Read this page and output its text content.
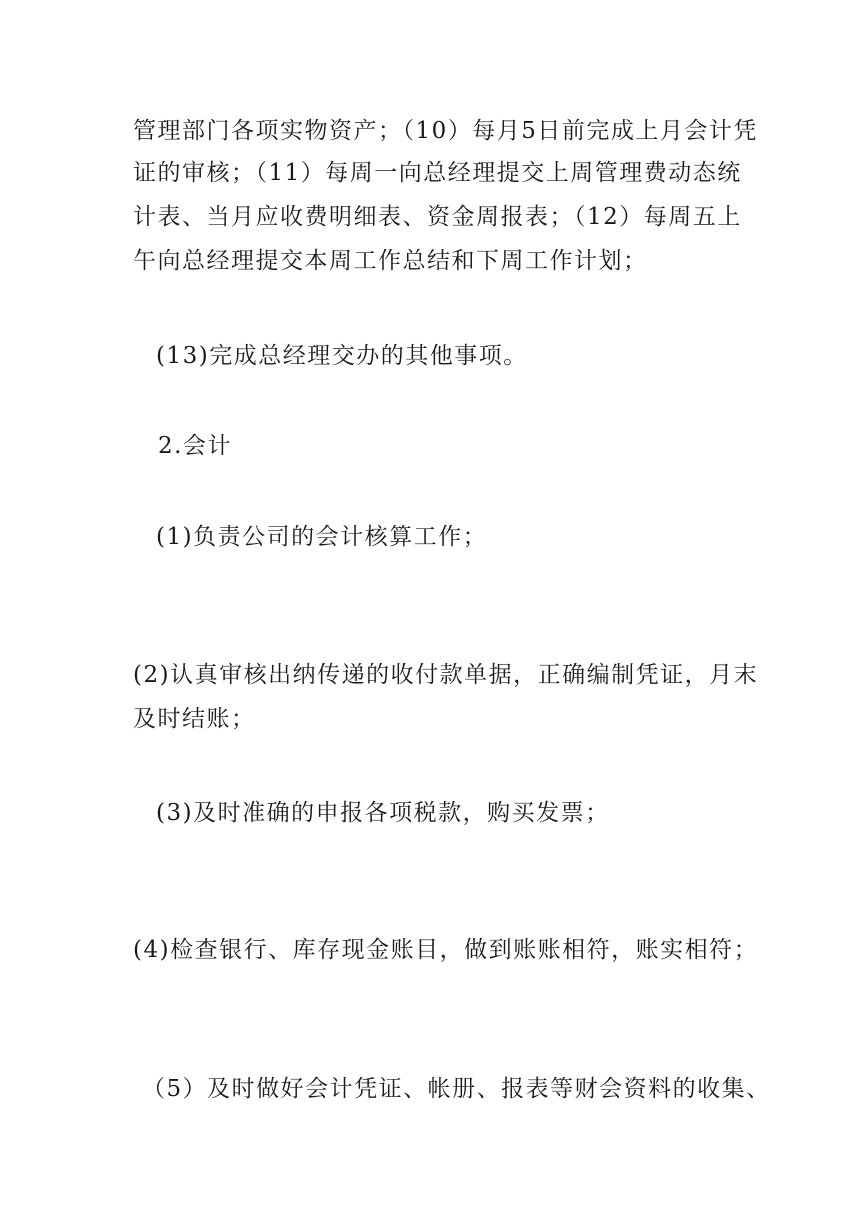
管理部门各项实物资产；（10）每月5日前完成上月会计凭
证的审核；（11）每周一向总经理提交上周管理费动态统
计表、当月应收费明细表、资金周报表；（12）每周五上
午向总经理提交本周工作总结和下周工作计划；
(13)完成总经理交办的其他事项。
2.会计
(1)负责公司的会计核算工作；
(2)认真审核出纳传递的收付款单据，正确编制凭证，月末
及时结账；
(3)及时准确的申报各项税款，购买发票；
(4)检查银行、库存现金账目，做到账账相符，账实相符；
（5）及时做好会计凭证、帐册、报表等财会资料的收集、
